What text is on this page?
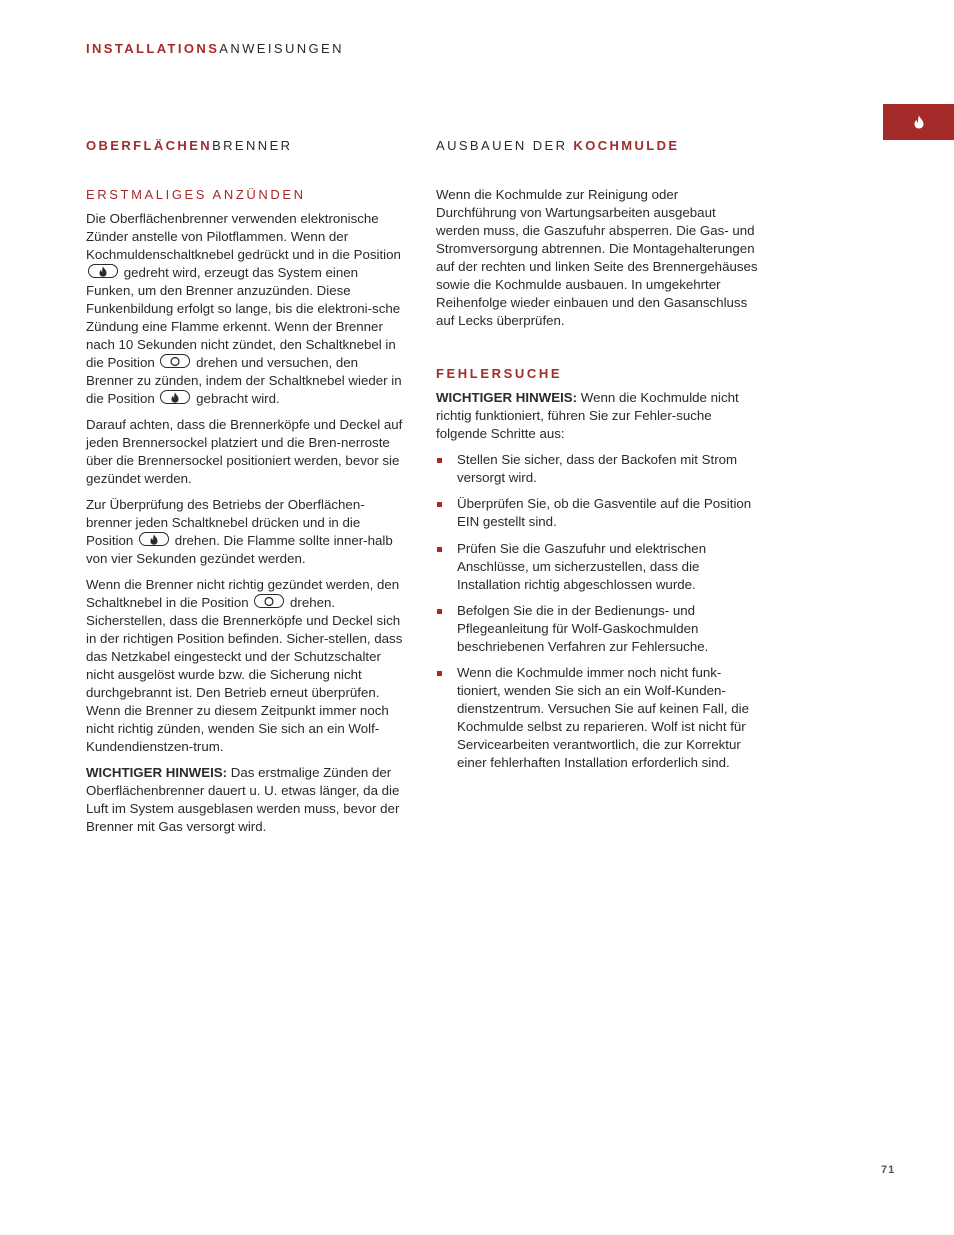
INSTALLATIONSANWEISUNGEN
OBERFLÄCHENBRENNER
ERSTMALIGES ANZÜNDEN

Die Oberflächenbrenner verwenden elektronische Zünder anstelle von Pilotflammen. Wenn der Kochmuldenschaltknebel gedrückt und in die Position
gedreht wird, erzeugt das System einen Funken, um den Brenner anzuzünden. Diese Funkenbildung erfolgt so lange, bis die elektroni-sche Zündung eine Flamme erkennt. Wenn der Brenner nach 10 Sekunden nicht zündet, den Schaltknebel in die Position	drehen und versuchen, den Brenner zu zünden, indem der Schaltknebel wieder in die Position	gebracht wird.

Darauf achten, dass die Brennerköpfe und Deckel auf jeden Brennersockel platziert und die Bren-nerroste über die Brennersockel positioniert werden, bevor sie gezündet werden.

Zur Überprüfung des Betriebs der Oberflächen-brenner jeden Schaltknebel drücken und in die Position	drehen. Die Flamme sollte inner-halb von vier Sekunden gezündet werden.

Wenn die Brenner nicht richtig gezündet werden, den Schaltknebel in die Position	drehen. Sicherstellen, dass die Brennerköpfe und Deckel sich in der richtigen Position befinden. Sicher-stellen, dass das Netzkabel eingesteckt und der Schutzschalter nicht ausgelöst wurde bzw. die Sicherung nicht durchgebrannt ist. Den Betrieb erneut überprüfen. Wenn die Brenner zu diesem Zeitpunkt immer noch nicht richtig zünden, wenden Sie sich an ein Wolf-Kundendienstzen-trum.

WICHTIGER HINWEIS: Das erstmalige Zünden der Oberflächenbrenner dauert u. U. etwas länger, da die Luft im System ausgeblasen werden muss, bevor der Brenner mit Gas versorgt wird.

AUSBAUEN DER KOCHMULDE

Wenn die Kochmulde zur Reinigung oder Durchführung von Wartungsarbeiten ausgebaut werden muss, die Gaszufuhr absperren. Die Gas- und Stromversorgung abtrennen. Die Montagehalterungen auf der rechten und linken Seite des Brennergehäuses sowie die Kochmulde ausbauen. In umgekehrter Reihenfolge wieder einbauen und den Gasanschluss auf Lecks überprüfen.

FEHLERSUCHE

WICHTIGER HINWEIS: Wenn die Kochmulde nicht richtig funktioniert, führen Sie zur Fehler-suche folgende Schritte aus:

Stellen Sie sicher, dass der Backofen mit Strom versorgt wird.
Überprüfen Sie, ob die Gasventile auf die Position EIN gestellt sind.
Prüfen Sie die Gaszufuhr und elektrischen Anschlüsse, um sicherzustellen, dass die Installation richtig abgeschlossen wurde.
Befolgen Sie die in der Bedienungs- und Pflegeanleitung für Wolf-Gaskochmulden beschriebenen Verfahren zur Fehlersuche.
Wenn die Kochmulde immer noch nicht funk-tioniert, wenden Sie sich an ein Wolf-Kunden-dienstzentrum. Versuchen Sie auf keinen Fall, die Kochmulde selbst zu reparieren. Wolf ist nicht für Servicearbeiten verantwortlich, die zur Korrektur einer fehlerhaften Installation erforderlich sind.
71
